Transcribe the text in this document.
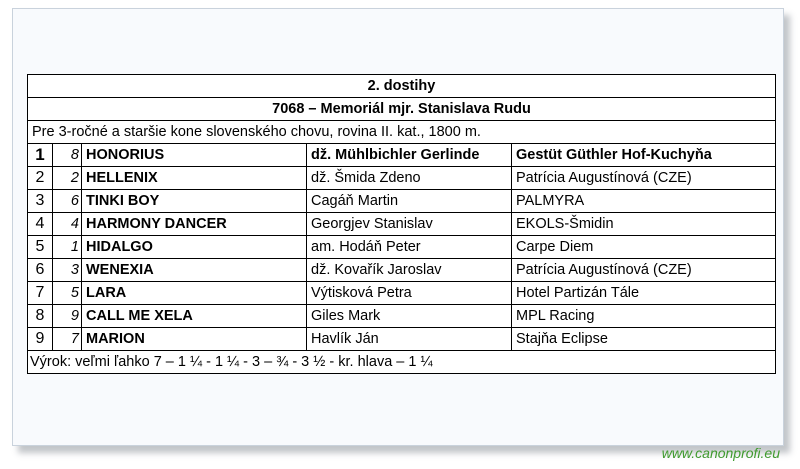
2. dostihy				
7068 – Memoriál mjr. Stanislava Rudu				
Pre 3-ročné a staršie kone slovenského chovu, rovina II. kat., 1800 m.				
1	8	HONORIUS	dž. Mühlbichler Gerlinde	Gestüt Güthler Hof-Kuchyňa
2	2	HELLENIX	dž. Šmida Zdeno	Patrícia Augustínová (CZE)
3	6	TINKI BOY	Cagáň Martin	PALMYRA
4	4	HARMONY DANCER	Georgjev Stanislav	EKOLS-Šmidin
5	1	HIDALGO	am. Hodáň Peter	Carpe Diem
6	3	WENEXIA	dž. Kovařík Jaroslav	Patrícia Augustínová (CZE)
7	5	LARA	Výtisková Petra	Hotel Partizán Tále
8	9	CALL ME XELA	Giles Mark	MPL Racing
9	7	MARION	Havlík Ján	Stajňa Eclipse
Výrok: veľmi ľahko 7 – 1 ¼ - 1 ¼ - 3 – ¾ - 3 ½ - kr. hlava – 1 ¼				
www.canonprofi.eu
